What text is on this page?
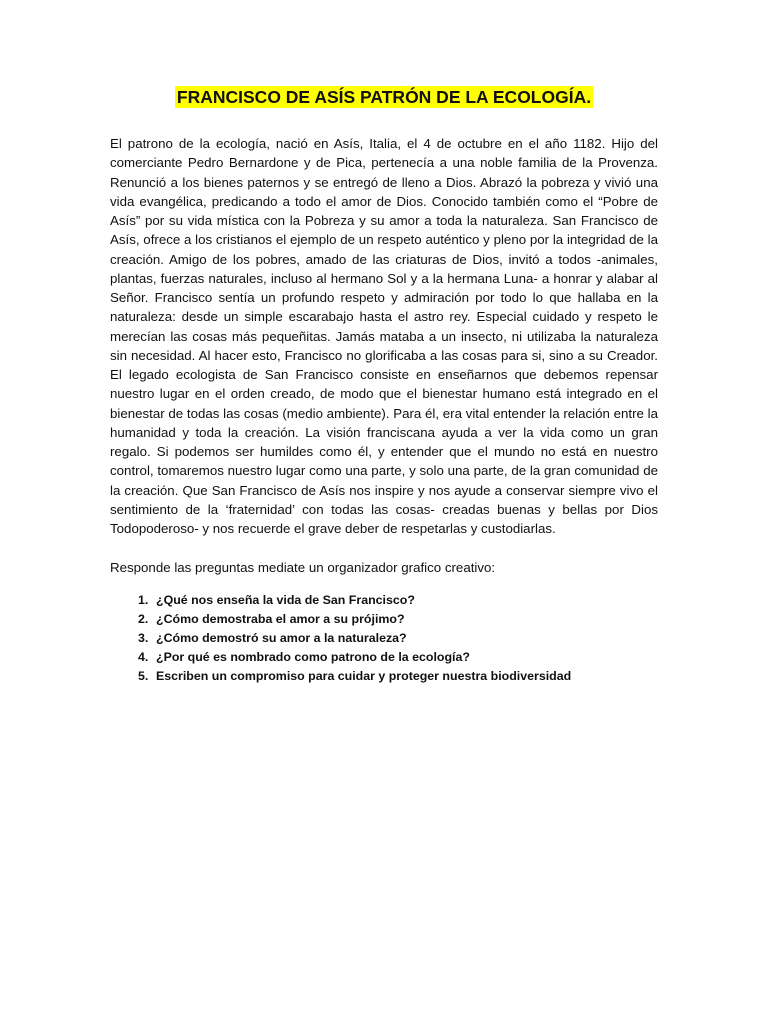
FRANCISCO DE ASÍS PATRÓN DE LA ECOLOGÍA.

El patrono de la ecología, nació en Asís, Italia, el 4 de octubre en el año 1182. Hijo del comerciante Pedro Bernardone y de Pica, pertenecía a una noble familia de la Provenza. Renunció a los bienes paternos y se entregó de lleno a Dios. Abrazó la pobreza y vivió una vida evangélica, predicando a todo el amor de Dios. Conocido también como el “Pobre de Asís” por su vida mística con la Pobreza y su amor a toda la naturaleza. San Francisco de Asís, ofrece a los cristianos el ejemplo de un respeto auténtico y pleno por la integridad de la creación. Amigo de los pobres, amado de las criaturas de Dios, invitó a todos -animales, plantas, fuerzas naturales, incluso al hermano Sol y a la hermana Luna- a honrar y alabar al Señor. Francisco sentía un profundo respeto y admiración por todo lo que hallaba en la naturaleza: desde un simple escarabajo hasta el astro rey. Especial cuidado y respeto le merecían las cosas más pequeñitas. Jamás mataba a un insecto, ni utilizaba la naturaleza sin necesidad. Al hacer esto, Francisco no glorificaba a las cosas para si, sino a su Creador. El legado ecologista de San Francisco consiste en enseñarnos que debemos repensar nuestro lugar en el orden creado, de modo que el bienestar humano está integrado en el bienestar de todas las cosas (medio ambiente). Para él, era vital entender la relación entre la humanidad y toda la creación. La visión franciscana ayuda a ver la vida como un gran regalo. Si podemos ser humildes como él, y entender que el mundo no está en nuestro control, tomaremos nuestro lugar como una parte, y solo una parte, de la gran comunidad de la creación. Que San Francisco de Asís nos inspire y nos ayude a conservar siempre vivo el sentimiento de la ‘fraternidad’ con todas las cosas- creadas buenas y bellas por Dios Todopoderoso- y nos recuerde el grave deber de respetarlas y custodiarlas.

Responde las preguntas mediate un organizador grafico creativo:

1. ¿Qué nos enseña la vida de San Francisco?
2. ¿Cómo demostraba el amor a su prójimo?
3. ¿Cómo demostró su amor a la naturaleza?
4. ¿Por qué es nombrado como patrono de la ecología?
5. Escriben un compromiso para cuidar y proteger nuestra biodiversidad
